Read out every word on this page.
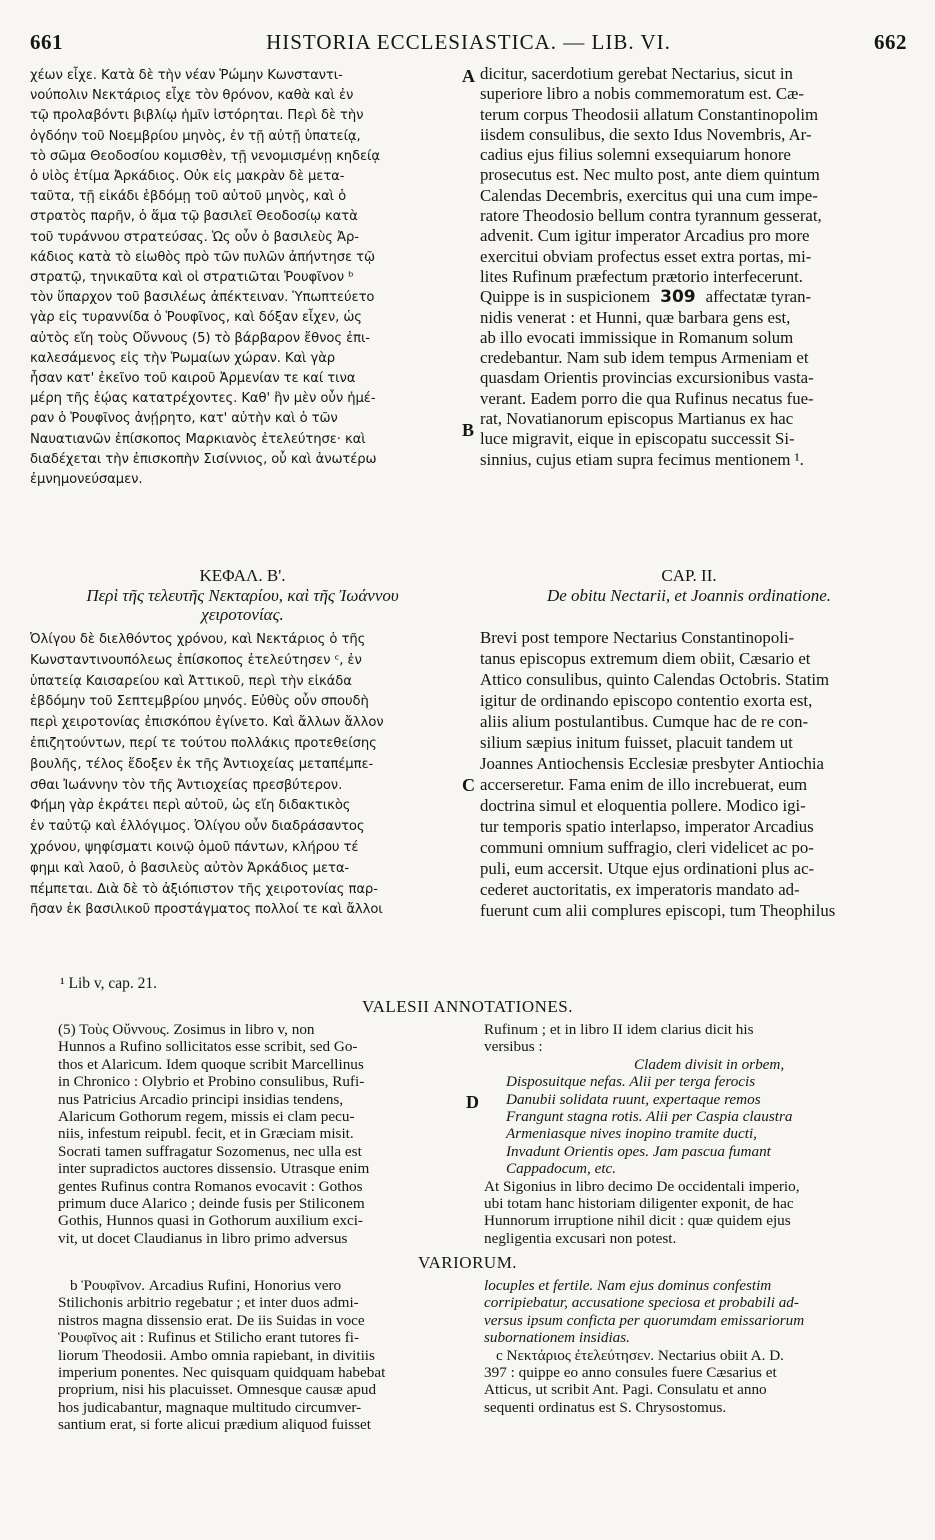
661	HISTORIA ECCLESIASTICA. — LIB. VI.	662
A
B
C
D
χέων εἶχε. Κατὰ δὲ τὴν νέαν Ῥώμην Κωνσταντι-
νούπολιν Νεκτάριος εἶχε τὸν θρόνον, καθὰ καὶ ἐν
τῷ προλαβόντι βιβλίῳ ἡμῖν ἱστόρηται. Περὶ δὲ τὴν
ὀγδόην τοῦ Νοεμβρίου μηνὸς, ἐν τῇ αὐτῇ ὑπατείᾳ,
τὸ σῶμα Θεοδοσίου κομισθὲν, τῇ νενομισμένῃ κηδείᾳ
ὁ υἱὸς ἐτίμα Ἀρκάδιος. Οὐκ εἰς μακρὰν δὲ μετα-
ταῦτα, τῇ εἰκάδι ἑβδόμῃ τοῦ αὐτοῦ μηνὸς, καὶ ὁ
στρατὸς παρῆν, ὁ ἅμα τῷ βασιλεῖ Θεοδοσίῳ κατὰ
τοῦ τυράννου στρατεύσας. Ὡς οὖν ὁ βασιλεὺς Ἀρ-
κάδιος κατὰ τὸ εἰωθὸς πρὸ τῶν πυλῶν ἀπήντησε τῷ
στρατῷ, τηνικαῦτα καὶ οἱ στρατιῶται Ῥουφῖνον ᵇ
τὸν ὕπαρχον τοῦ βασιλέως ἀπέκτειναν. Ὑπωπτεύετο
γὰρ εἰς τυραννίδα ὁ Ῥουφῖνος, καὶ δόξαν εἶχεν, ὡς
αὐτὸς εἴη τοὺς Οὔννους (5) τὸ βάρβαρον ἔθνος ἐπι-
καλεσάμενος εἰς τὴν Ῥωμαίων χώραν. Καὶ γὰρ
ἦσαν κατ' ἐκεῖνο τοῦ καιροῦ Ἀρμενίαν τε καί τινα
μέρη τῆς ἑῴας κατατρέχοντες. Καθ' ἣν μὲν οὖν ἡμέ-
ραν ὁ Ῥουφῖνος ἀνῄρητο, κατ' αὐτὴν καὶ ὁ τῶν
Ναυατιανῶν ἐπίσκοπος Μαρκιανὸς ἐτελεύτησε· καὶ
διαδέχεται τὴν ἐπισκοπὴν Σισίννιος, οὗ καὶ ἀνωτέρω
ἐμνημονεύσαμεν.
dicitur, sacerdotium gerebat Nectarius, sicut in
superiore libro a nobis commemoratum est. Cæ-
terum corpus Theodosii allatum Constantinopolim
iisdem consulibus, die sexto Idus Novembris, Ar-
cadius ejus filius solemni exsequiarum honore
prosecutus est. Nec multo post, ante diem quintum
Calendas Decembris, exercitus qui una cum impe-
ratore Theodosio bellum contra tyrannum gesserat,
advenit. Cum igitur imperator Arcadius pro more
exercitui obviam profectus esset extra portas, mi-
lites Rufinum præfectum prætorio interfecerunt.
Quippe is in suspicionem 309 affectatæ tyran-
nidis venerat : et Hunni, quæ barbara gens est,
ab illo evocati immissique in Romanum solum
credebantur. Nam sub idem tempus Armeniam et
quasdam Orientis provincias excursionibus vasta-
verant. Eadem porro die qua Rufinus necatus fue-
rat, Novatianorum episcopus Martianus ex hac
luce migravit, eique in episcopatu successit Si-
sinnius, cujus etiam supra fecimus mentionem ¹.
ΚΕΦΑΛ. Β'.
Περὶ τῆς τελευτῆς Νεκταρίου, καὶ τῆς Ἰωάννου
χειροτονίας.
CAP. II.
De obitu Nectarii, et Joannis ordinatione.
Ὀλίγου δὲ διελθόντος χρόνου, καὶ Νεκτάριος ὁ τῆς
Κωνσταντινουπόλεως ἐπίσκοπος ἐτελεύτησεν ᶜ, ἐν
ὑπατείᾳ Καισαρείου καὶ Ἀττικοῦ, περὶ τὴν εἰκάδα
ἑβδόμην τοῦ Σεπτεμβρίου μηνός. Εὐθὺς οὖν σπουδὴ
περὶ χειροτονίας ἐπισκόπου ἐγίνετο. Καὶ ἄλλων ἄλλον
ἐπιζητούντων, περί τε τούτου πολλάκις προτεθείσης
βουλῆς, τέλος ἔδοξεν ἐκ τῆς Ἀντιοχείας μεταπέμπε-
σθαι Ἰωάννην τὸν τῆς Ἀντιοχείας πρεσβύτερον.
Φήμη γὰρ ἐκράτει περὶ αὐτοῦ, ὡς εἴη διδακτικὸς
ἐν ταὐτῷ καὶ ἐλλόγιμος. Ὀλίγου οὖν διαδράσαντος
χρόνου, ψηφίσματι κοινῷ ὁμοῦ πάντων, κλήρου τέ
φημι καὶ λαοῦ, ὁ βασιλεὺς αὐτὸν Ἀρκάδιος μετα-
πέμπεται. Διὰ δὲ τὸ ἀξιόπιστον τῆς χειροτονίας παρ-
ῆσαν ἐκ βασιλικοῦ προστάγματος πολλοί τε καὶ ἄλλοι
Brevi post tempore Nectarius Constantinopoli-
tanus episcopus extremum diem obiit, Cæsario et
Attico consulibus, quinto Calendas Octobris. Statim
igitur de ordinando episcopo contentio exorta est,
aliis alium postulantibus. Cumque hac de re con-
silium sæpius initum fuisset, placuit tandem ut
Joannes Antiochensis Ecclesiæ presbyter Antiochia
accerseretur. Fama enim de illo increbuerat, eum
doctrina simul et eloquentia pollere. Modico igi-
tur temporis spatio interlapso, imperator Arcadius
communi omnium suffragio, cleri videlicet ac po-
puli, eum accersit. Utque ejus ordinationi plus ac-
cederet auctoritatis, ex imperatoris mandato ad-
fuerunt cum alii complures episcopi, tum Theophilus
¹ Lib v, cap. 21.
VALESII ANNOTATIONES.
(5) Τοὺς Οὔννους. Zosimus in libro v, non
Hunnos a Rufino sollicitatos esse scribit, sed Go-
thos et Alaricum. Idem quoque scribit Marcellinus
in Chronico : Olybrio et Probino consulibus, Rufi-
nus Patricius Arcadio principi insidias tendens,
Alaricum Gothorum regem, missis ei clam pecu-
niis, infestum reipubl. fecit, et in Græciam misit.
Socrati tamen suffragatur Sozomenus, nec ulla est
inter supradictos auctores dissensio. Utrasque enim
gentes Rufinus contra Romanos evocavit : Gothos
primum duce Alarico ; deinde fusis per Stiliconem
Gothis, Hunnos quasi in Gothorum auxilium exci-
vit, ut docet Claudianus in libro primo adversus
Rufinum ; et in libro II idem clarius dicit his
versibus :
Cladem divisit in orbem,
Disposuitque nefas. Alii per terga ferocis
Danubii solidata ruunt, expertaque remos
Frangunt stagna rotis. Alii per Caspia claustra
Armeniasque nives inopino tramite ducti,
Invadunt Orientis opes. Jam pascua fumant
Cappadocum, etc.
At Sigonius in libro decimo De occidentali imperio,
ubi totam hanc historiam diligenter exponit, de hac
Hunnorum irruptione nihil dicit : quæ quidem ejus
negligentia excusari non potest.
VARIORUM.
b Ῥουφῖνον. Arcadius Rufini, Honorius vero
Stilichonis arbitrio regebatur ; et inter duos admi-
nistros magna dissensio erat. De iis Suidas in voce
Ῥουφῖνος ait : Rufinus et Stilicho erant tutores fi-
liorum Theodosii. Ambo omnia rapiebant, in divitiis
imperium ponentes. Nec quisquam quidquam habebat
proprium, nisi his placuisset. Omnesque causæ apud
hos judicabantur, magnaque multitudo circumver-
santium erat, si forte alicui prædium aliquod fuisset
locuples et fertile. Nam ejus dominus confestim
corripiebatur, accusatione speciosa et probabili ad-
versus ipsum conficta per quorumdam emissariorum
subornationem insidias.
c Νεκτάριος ἐτελεύτησεν. Nectarius obiit A. D.
397 : quippe eo anno consules fuere Cæsarius et
Atticus, ut scribit Ant. Pagi. Consulatu et anno
sequenti ordinatus est S. Chrysostomus.
